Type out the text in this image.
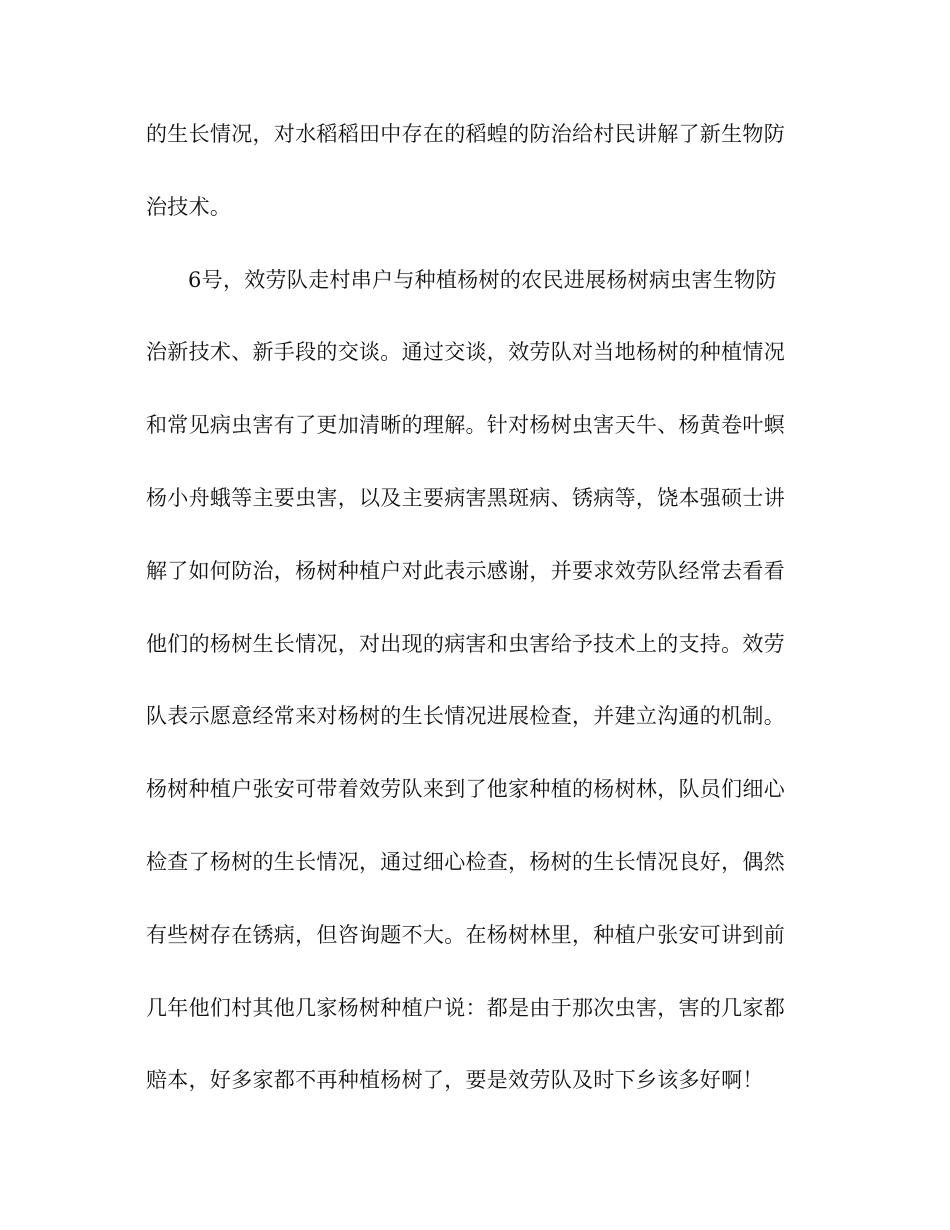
的生长情况，对水稻稻田中存在的稻蝗的防治给村民讲解了新生物防
治技术。
6号，效劳队走村串户与种植杨树的农民进展杨树病虫害生物防
治新技术、新手段的交谈。通过交谈，效劳队对当地杨树的种植情况
和常见病虫害有了更加清晰的理解。针对杨树虫害天牛、杨黄卷叶螟
杨小舟蛾等主要虫害，以及主要病害黑斑病、锈病等，饶本强硕士讲
解了如何防治，杨树种植户对此表示感谢，并要求效劳队经常去看看
他们的杨树生长情况，对出现的病害和虫害给予技术上的支持。效劳
队表示愿意经常来对杨树的生长情况进展检查，并建立沟通的机制。
杨树种植户张安可带着效劳队来到了他家种植的杨树林，队员们细心
检查了杨树的生长情况，通过细心检查，杨树的生长情况良好，偶然
有些树存在锈病，但咨询题不大。在杨树林里，种植户张安可讲到前
几年他们村其他几家杨树种植户说：都是由于那次虫害，害的几家都
赔本，好多家都不再种植杨树了，要是效劳队及时下乡该多好啊！
